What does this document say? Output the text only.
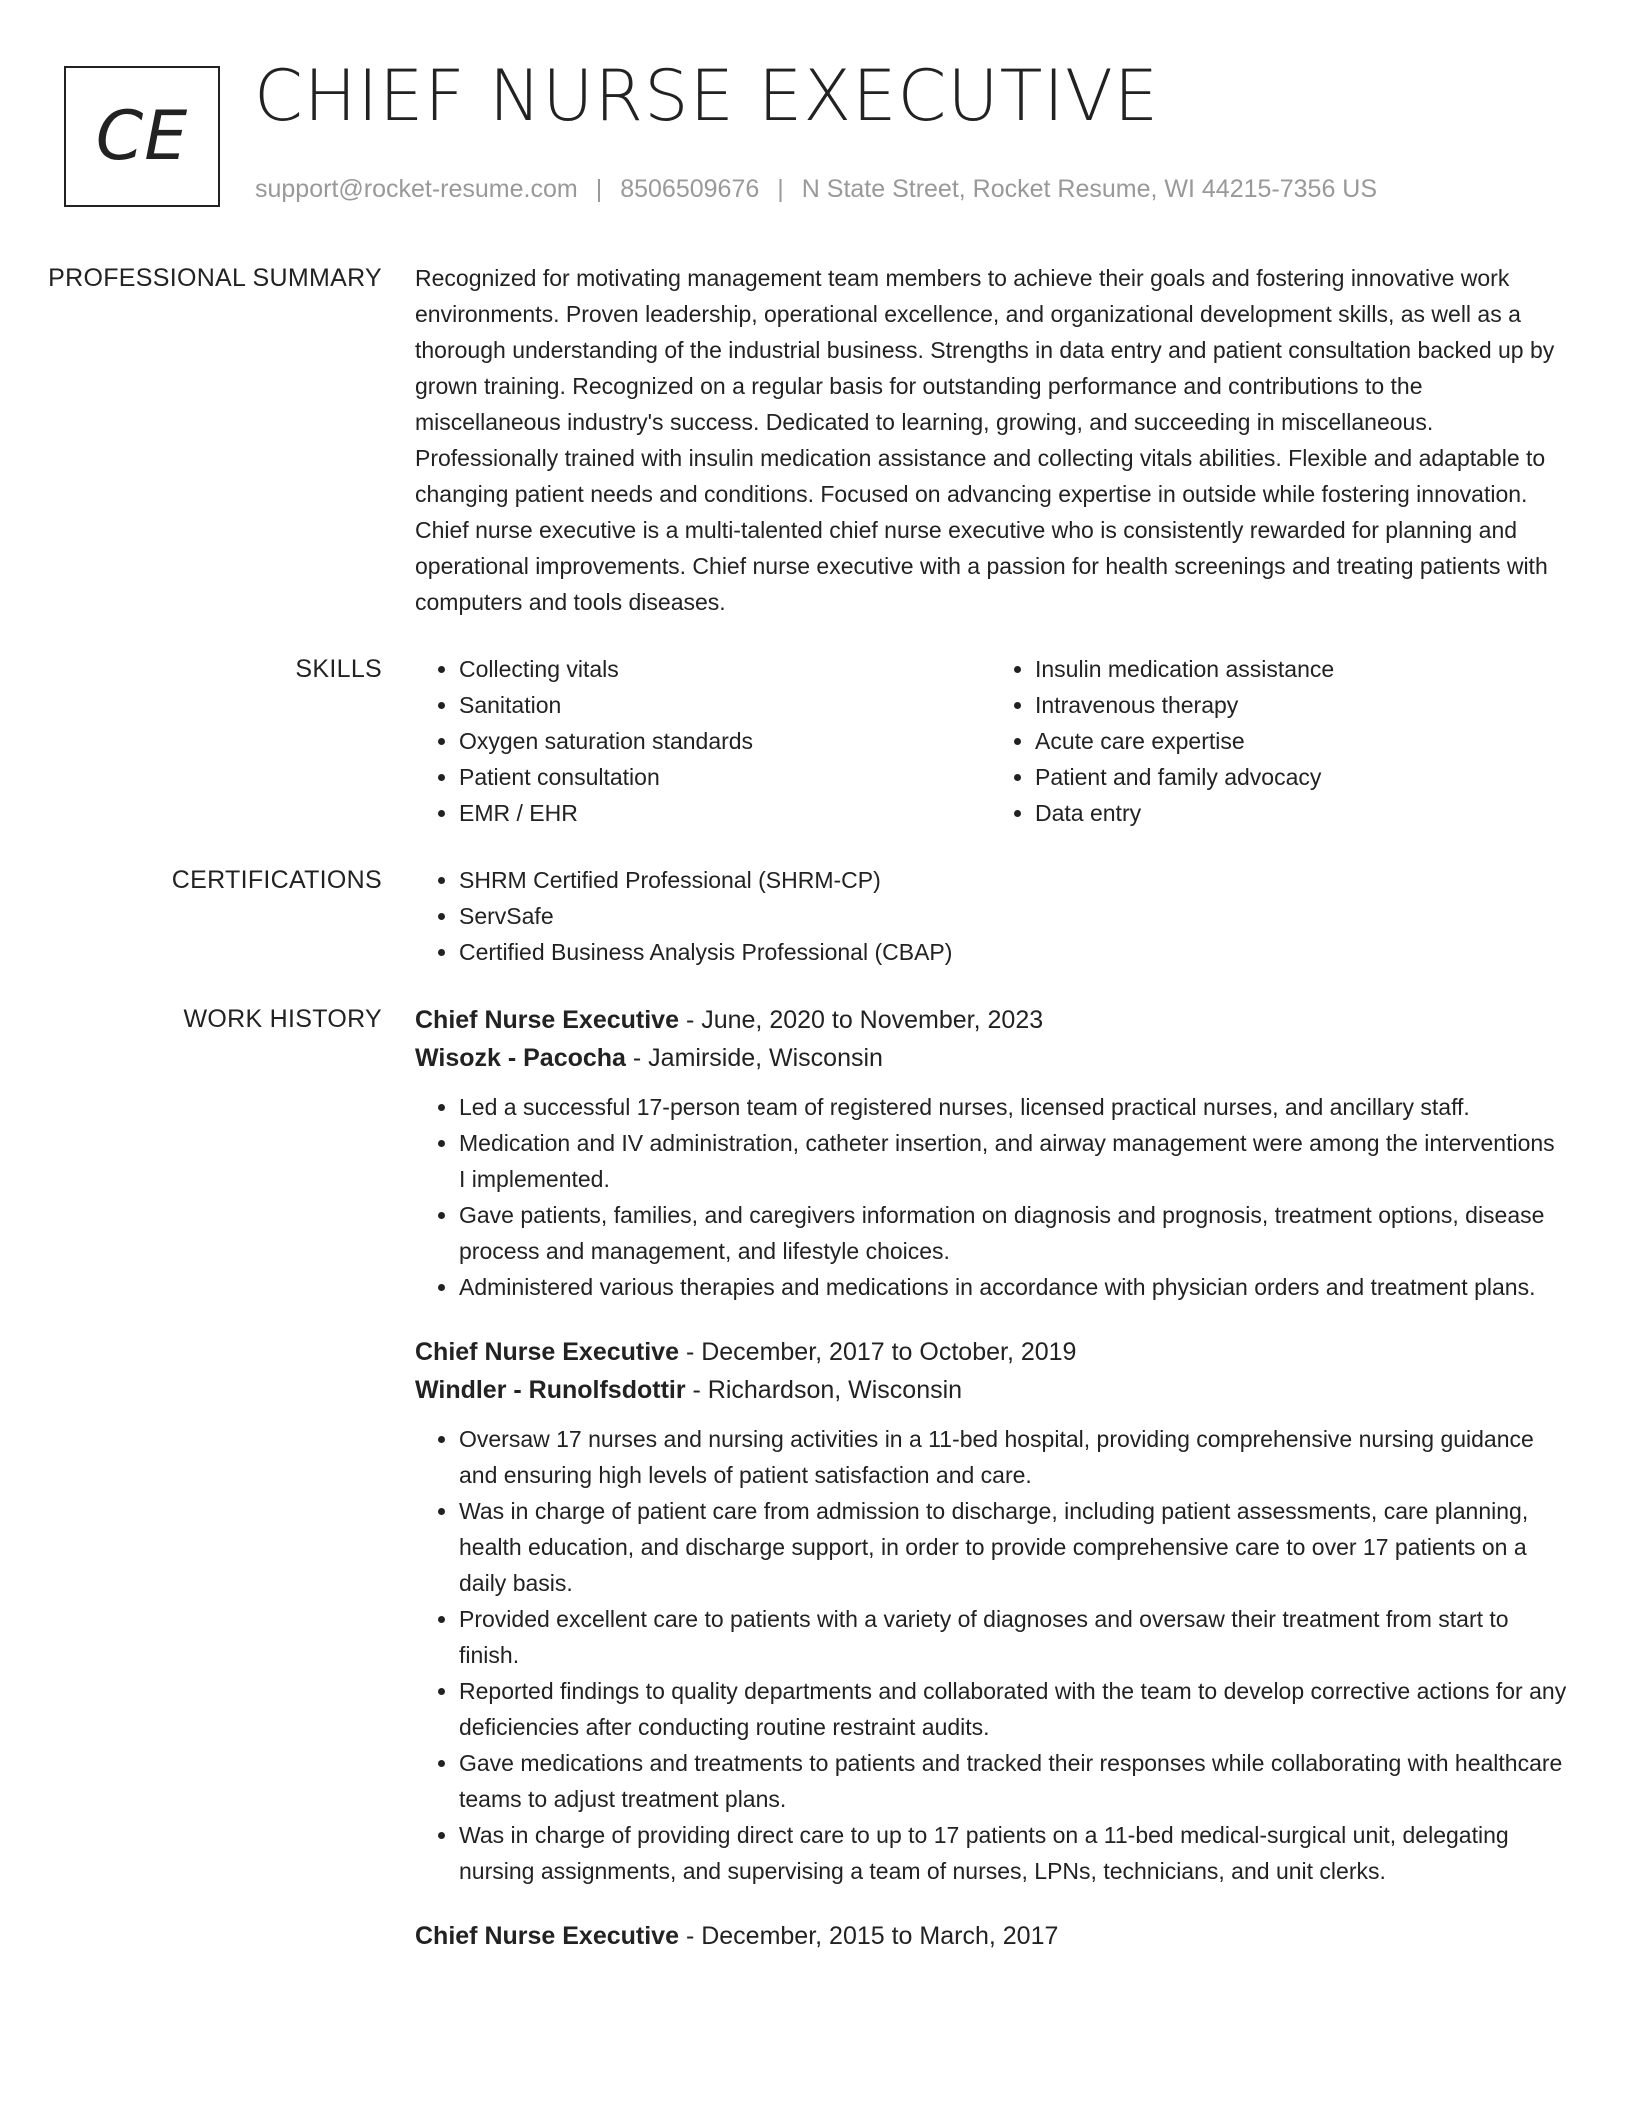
CE CHIEF NURSE EXECUTIVE
support@rocket-resume.com | 8506509676 | N State Street, Rocket Resume, WI 44215-7356 US
PROFESSIONAL SUMMARY	Recognized for motivating management team members to achieve their goals and fostering innovative work environments. Proven leadership, operational excellence, and organizational development skills, as well as a thorough understanding of the industrial business. Strengths in data entry and patient consultation backed up by grown training. Recognized on a regular basis for outstanding performance and contributions to the miscellaneous industry's success. Dedicated to learning, growing, and succeeding in miscellaneous. Professionally trained with insulin medication assistance and collecting vitals abilities. Flexible and adaptable to changing patient needs and conditions. Focused on advancing expertise in outside while fostering innovation. Chief nurse executive is a multi-talented chief nurse executive who is consistently rewarded for planning and operational improvements. Chief nurse executive with a passion for health screenings and treating patients with computers and tools diseases.

SKILLS	• Collecting vitals
• Sanitation
• Oxygen saturation standards
• Patient consultation
• EMR / EHR
• Insulin medication assistance
• Intravenous therapy
• Acute care expertise
• Patient and family advocacy
• Data entry
CERTIFICATIONS	• SHRM Certified Professional (SHRM-CP)
• ServSafe
• Certified Business Analysis Professional (CBAP)
WORK HISTORY	Chief Nurse Executive - June, 2020 to November, 2023
Wisozk - Pacocha - Jamirside, Wisconsin
• Led a successful 17-person team of registered nurses, licensed practical nurses, and ancillary staff.
• Medication and IV administration, catheter insertion, and airway management were among the interventions I implemented.
• Gave patients, families, and caregivers information on diagnosis and prognosis, treatment options, disease process and management, and lifestyle choices.
• Administered various therapies and medications in accordance with physician orders and treatment plans.
Chief Nurse Executive - December, 2017 to October, 2019
Windler - Runolfsdottir - Richardson, Wisconsin
• Oversaw 17 nurses and nursing activities in a 11-bed hospital, providing comprehensive nursing guidance and ensuring high levels of patient satisfaction and care.
• Was in charge of patient care from admission to discharge, including patient assessments, care planning, health education, and discharge support, in order to provide comprehensive care to over 17 patients on a daily basis.
• Provided excellent care to patients with a variety of diagnoses and oversaw their treatment from start to finish.
• Reported findings to quality departments and collaborated with the team to develop corrective actions for any deficiencies after conducting routine restraint audits.
• Gave medications and treatments to patients and tracked their responses while collaborating with healthcare teams to adjust treatment plans.
• Was in charge of providing direct care to up to 17 patients on a 11-bed medical-surgical unit, delegating nursing assignments, and supervising a team of nurses, LPNs, technicians, and unit clerks.
Chief Nurse Executive - December, 2015 to March, 2017
